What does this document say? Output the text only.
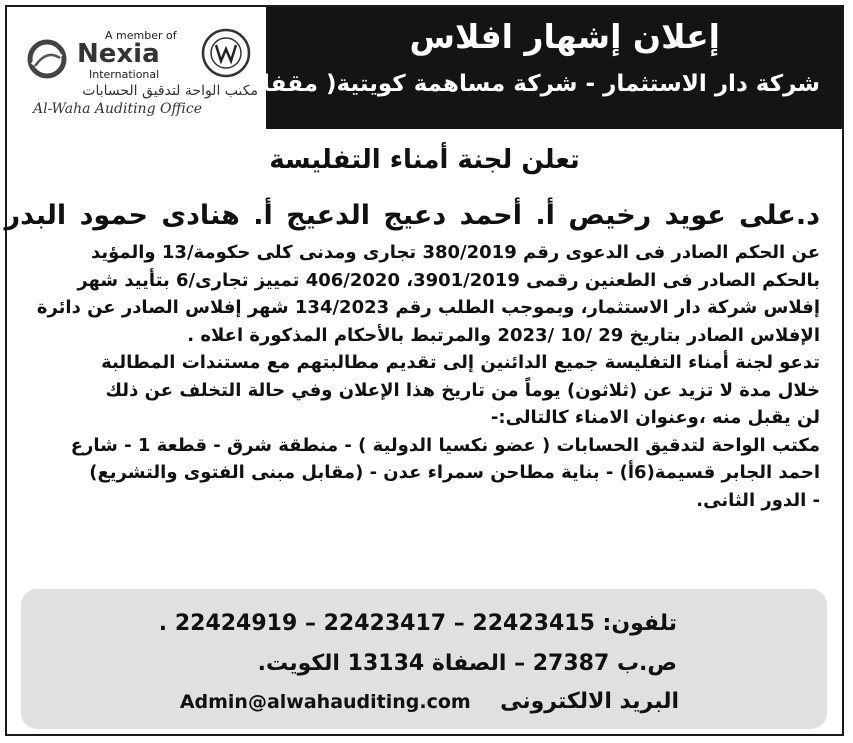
A member of
Nexia
International
مكتب الواحة لتدقيق الحسابات
Al-Waha Auditing Office
إعلان إشهار افلاس
شركة دار الاستثمار - شركة مساهمة كويتية( مقفلة)
تعلن لجنة أمناء التفليسة
د.على عويد رخيص أ. أحمد دعيج الدعيج أ. هنادى حمود البدر
عن الحكم الصادر فى الدعوى رقم 380/2019 تجارى ومدنى كلى حكومة/13 والمؤيد
بالحكم الصادر فى الطعنين رقمى 3901/2019، 406/2020 تمييز تجارى/6 بتأييد شهر
إفلاس شركة دار الاستثمار، وبموجب الطلب رقم 134/2023 شهر إفلاس الصادر عن دائرة
الإفلاس الصادر بتاريخ 29 /10 /2023 والمرتبط بالأحكام المذكورة اعلاه .
تدعو لجنة أمناء التفليسة جميع الدائنين إلى تقديم مطالبتهم مع مستندات المطالبة
خلال مدة لا تزيد عن (ثلاثون) يوماً من تاريخ هذا الإعلان وفي حالة التخلف عن ذلك
لن يقبل منه ،وعنوان الامناء كالتالى:-
مكتب الواحة لتدقيق الحسابات ( عضو نكسيا الدولية ) - منطقة شرق - قطعة 1 - شارع
احمد الجابر قسيمة(6أ) - بناية مطاحن سمراء عدن - (مقابل مبنى الفتوى والتشريع)
- الدور الثانى.
تلفون: 22423415 – 22423417 – 22424919 .
ص.ب 27387 – الصفاة 13134 الكويت.
البريد الالكترونى  Admin@alwahauditing.com
